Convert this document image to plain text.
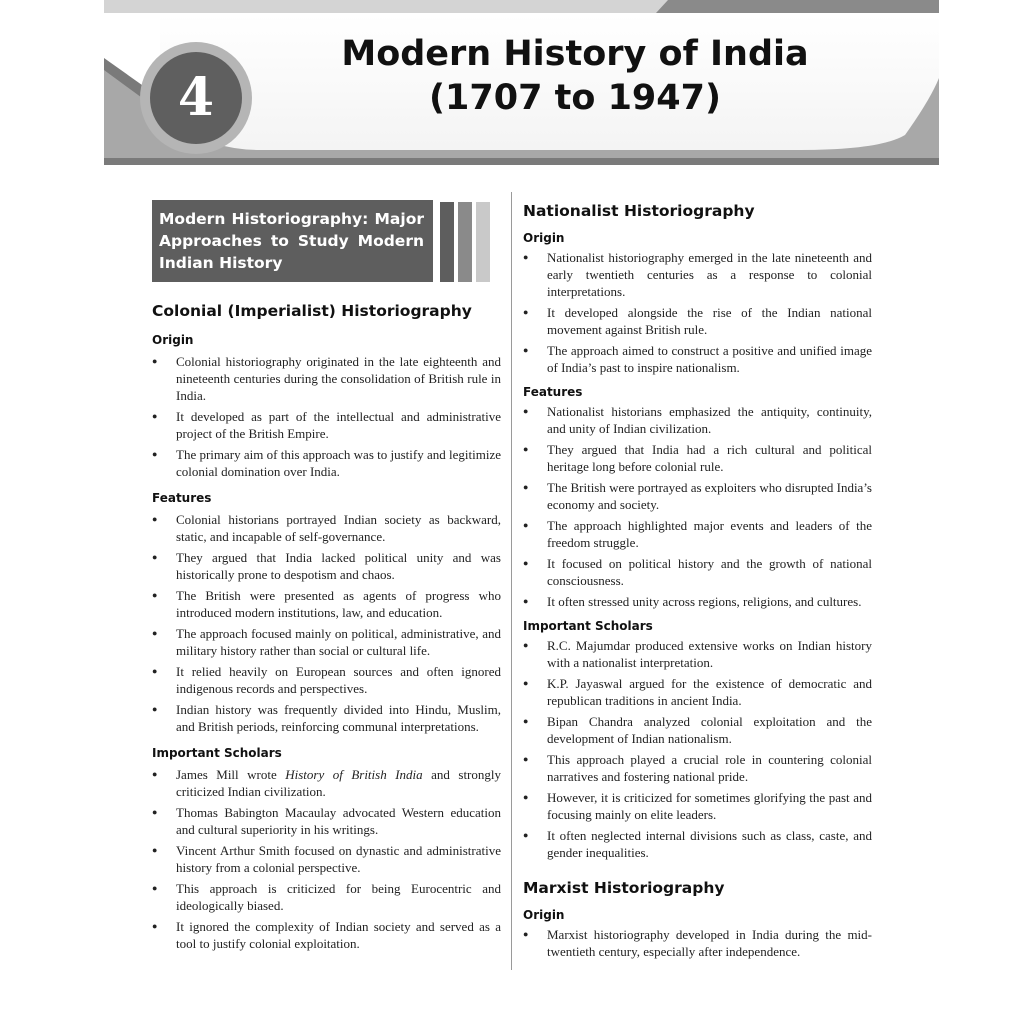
4
Modern History of India
(1707 to 1947)
Modern Historiography: Major Approaches to Study Modern Indian History

Colonial (Imperialist) Historiography

Origin

● Colonial historiography originated in the late eighteenth and nineteenth centuries during the consolidation of British rule in India.
● It developed as part of the intellectual and administrative project of the British Empire.
● The primary aim of this approach was to justify and legitimize colonial domination over India.

Features

● Colonial historians portrayed Indian society as backward, static, and incapable of self-governance.
● They argued that India lacked political unity and was historically prone to despotism and chaos.
● The British were presented as agents of progress who introduced modern institutions, law, and education.
● The approach focused mainly on political, administrative, and military history rather than social or cultural life.
● It relied heavily on European sources and often ignored indigenous records and perspectives.
● Indian history was frequently divided into Hindu, Muslim, and British periods, reinforcing communal interpretations.

Important Scholars

● James Mill wrote History of British India and strongly criticized Indian civilization.
● Thomas Babington Macaulay advocated Western education and cultural superiority in his writings.
● Vincent Arthur Smith focused on dynastic and administrative history from a colonial perspective.
● This approach is criticized for being Eurocentric and ideologically biased.
● It ignored the complexity of Indian society and served as a tool to justify colonial exploitation.

Nationalist Historiography

Origin

● Nationalist historiography emerged in the late nineteenth and early twentieth centuries as a response to colonial interpretations.
● It developed alongside the rise of the Indian national movement against British rule.
● The approach aimed to construct a positive and unified image of India’s past to inspire nationalism.

Features

● Nationalist historians emphasized the antiquity, continuity, and unity of Indian civilization.
● They argued that India had a rich cultural and political heritage long before colonial rule.
● The British were portrayed as exploiters who disrupted India’s economy and society.
● The approach highlighted major events and leaders of the freedom struggle.
● It focused on political history and the growth of national consciousness.
● It often stressed unity across regions, religions, and cultures.

Important Scholars

● R.C. Majumdar produced extensive works on Indian history with a nationalist interpretation.
● K.P. Jayaswal argued for the existence of democratic and republican traditions in ancient India.
● Bipan Chandra analyzed colonial exploitation and the development of Indian nationalism.
● This approach played a crucial role in countering colonial narratives and fostering national pride.
● However, it is criticized for sometimes glorifying the past and focusing mainly on elite leaders.
● It often neglected internal divisions such as class, caste, and gender inequalities.

Marxist Historiography

Origin

● Marxist historiography developed in India during the mid-twentieth century, especially after independence.
